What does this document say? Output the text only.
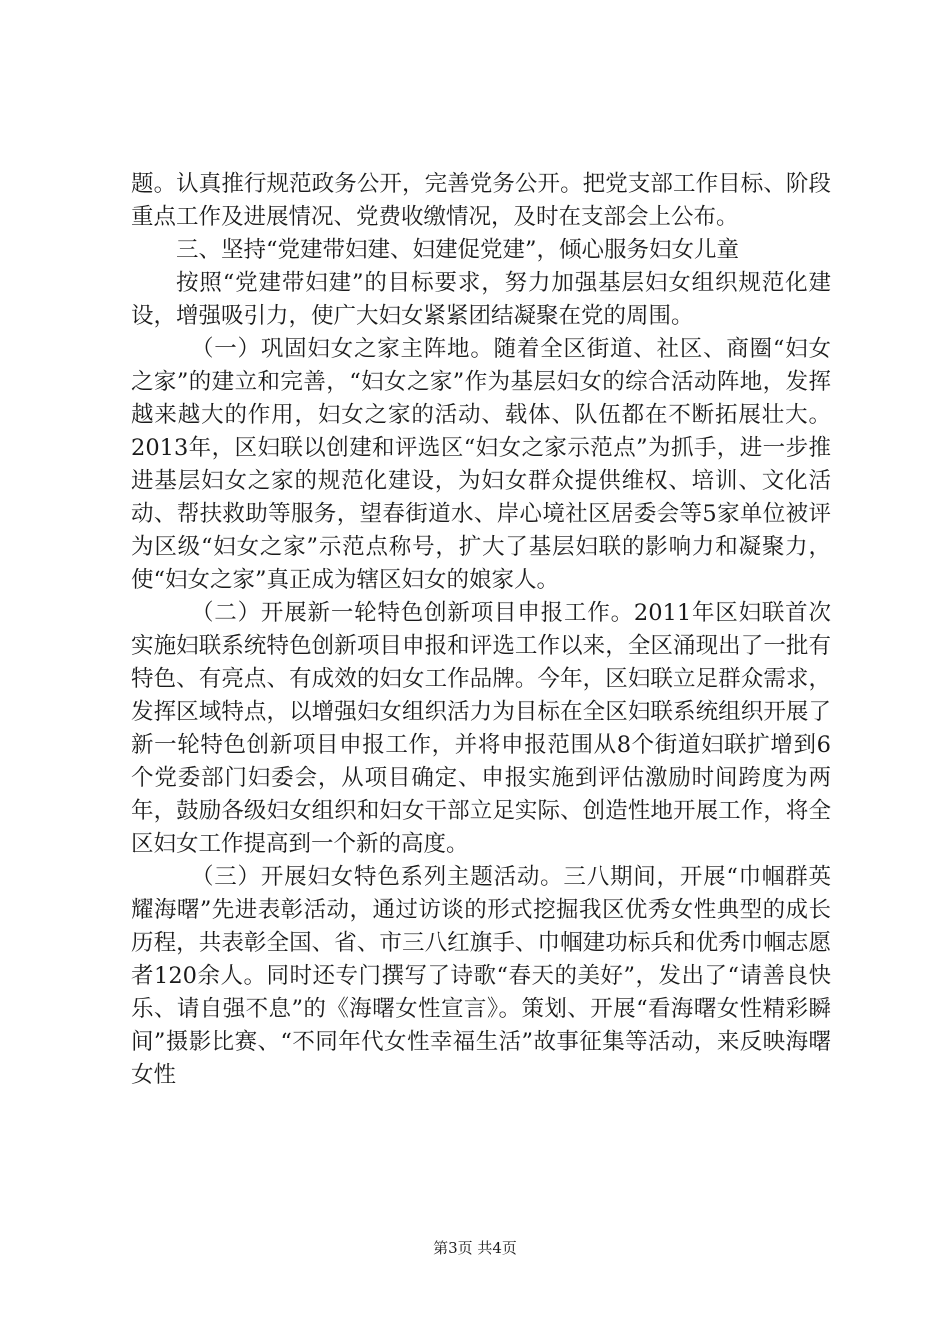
题。认真推行规范政务公开，完善党务公开。把党支部工作目标、阶段重点工作及进展情况、党费收缴情况，及时在支部会上公布。

三、坚持“党建带妇建、妇建促党建”，倾心服务妇女儿童

按照“党建带妇建”的目标要求，努力加强基层妇女组织规范化建设，增强吸引力，使广大妇女紧紧团结凝聚在党的周围。

（一）巩固妇女之家主阵地。随着全区街道、社区、商圈“妇女之家”的建立和完善，“妇女之家”作为基层妇女的综合活动阵地，发挥越来越大的作用，妇女之家的活动、载体、队伍都在不断拓展壮大。2013年，区妇联以创建和评选区“妇女之家示范点”为抓手，进一步推进基层妇女之家的规范化建设，为妇女群众提供维权、培训、文化活动、帮扶救助等服务，望春街道水、岸心境社区居委会等5家单位被评为区级“妇女之家”示范点称号，扩大了基层妇联的影响力和凝聚力，使“妇女之家”真正成为辖区妇女的娘家人。

（二）开展新一轮特色创新项目申报工作。2011年区妇联首次实施妇联系统特色创新项目申报和评选工作以来，全区涌现出了一批有特色、有亮点、有成效的妇女工作品牌。今年，区妇联立足群众需求，发挥区域特点，以增强妇女组织活力为目标在全区妇联系统组织开展了新一轮特色创新项目申报工作，并将申报范围从8个街道妇联扩增到6个党委部门妇委会，从项目确定、申报实施到评估激励时间跨度为两年，鼓励各级妇女组织和妇女干部立足实际、创造性地开展工作，将全区妇女工作提高到一个新的高度。

（三）开展妇女特色系列主题活动。三八期间，开展“巾帼群英耀海曙”先进表彰活动，通过访谈的形式挖掘我区优秀女性典型的成长历程，共表彰全国、省、市三八红旗手、巾帼建功标兵和优秀巾帼志愿者120余人。同时还专门撰写了诗歌“春天的美好”，发出了“请善良快乐、请自强不息”的《海曙女性宣言》。策划、开展“看海曙女性精彩瞬间”摄影比赛、“不同年代女性幸福生活”故事征集等活动，来反映海曙女性

第3页 共4页
